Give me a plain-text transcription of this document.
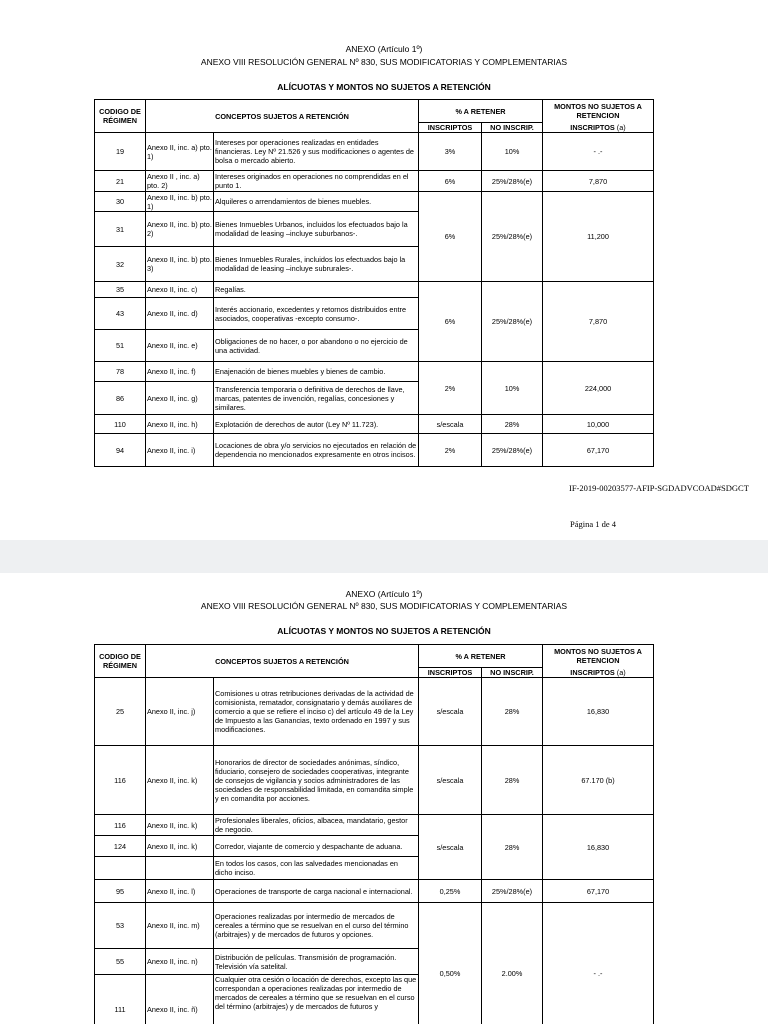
ANEXO (Artículo 1º)
ANEXO VIII RESOLUCIÓN GENERAL Nº 830, SUS MODIFICATORIAS Y COMPLEMENTARIAS
ALÍCUOTAS Y MONTOS NO SUJETOS A RETENCIÓN
CODIGO DE RÉGIMEN	CONCEPTOS SUJETOS A RETENCIÓN		% A RETENER		MONTOS NO SUJETOS A RETENCION
			INSCRIPTOS	NO INSCRIP.	INSCRIPTOS (a)
19	Anexo II, inc. a) pto. 1)	Intereses por operaciones realizadas en entidades financieras. Ley Nº 21.526 y sus modificaciones o agentes de bolsa o mercado abierto.	3%	10%	- .-
21	Anexo II , inc. a) pto. 2)	Intereses originados en operaciones no comprendidas en el punto 1.	6%	25%/28%(e)	7,870
30	Anexo II, inc. b) pto. 1)	Alquileres o arrendamientos de bienes muebles.	6%	25%/28%(e)	11,200
31	Anexo II, inc. b) pto. 2)	Bienes Inmuebles Urbanos, incluidos los efectuados bajo la modalidad de leasing –incluye suburbanos-.			
32	Anexo II, inc. b) pto. 3)	Bienes Inmuebles Rurales, incluidos los efectuados bajo la modalidad de leasing –incluye subrurales-.			
35	Anexo II, inc. c)	Regalías.	6%	25%/28%(e)	7,870
43	Anexo II, inc. d)	Interés accionario, excedentes y retornos distribuidos entre asociados, cooperativas -excepto consumo-.			
51	Anexo II, inc. e)	Obligaciones de no hacer, o por abandono o no ejercicio de una actividad.			
78	Anexo II, inc. f)	Enajenación de bienes muebles y bienes de cambio.	2%	10%	224,000
86	Anexo II, inc. g)	Transferencia temporaria o definitiva de derechos de llave, marcas, patentes de invención, regalías, concesiones y similares.			
110	Anexo II, inc. h)	Explotación de derechos de autor (Ley Nº 11.723).	s/escala	28%	10,000
94	Anexo II, inc. i)	Locaciones de obra y/o servicios no ejecutados en relación de dependencia no mencionados expresamente en otros incisos.	2%	25%/28%(e)	67,170
IF-2019-00203577-AFIP-SGDADVCOAD#SDGCT
Página 1 de 4
ANEXO (Artículo 1º)
ANEXO VIII RESOLUCIÓN GENERAL Nº 830, SUS MODIFICATORIAS Y COMPLEMENTARIAS
ALÍCUOTAS Y MONTOS NO SUJETOS A RETENCIÓN
CODIGO DE RÉGIMEN	CONCEPTOS SUJETOS A RETENCIÓN		% A RETENER		MONTOS NO SUJETOS A RETENCION
			INSCRIPTOS	NO INSCRIP.	INSCRIPTOS (a)
25	Anexo II, inc. j)	Comisiones u otras retribuciones derivadas de la actividad de comisionista, rematador, consignatario y demás auxiliares de comercio a que se refiere el inciso c) del artículo 49 de la Ley de Impuesto a las Ganancias, texto ordenado en 1997 y sus modificaciones.	s/escala	28%	16,830
116	Anexo II, inc. k)	Honorarios de director de sociedades anónimas, síndico, fiduciario, consejero de sociedades cooperativas, integrante de consejos de vigilancia y socios administradores de las sociedades de responsabilidad limitada, en comandita simple y en comandita por acciones.	s/escala	28%	67.170 (b)
116	Anexo II, inc. k)	Profesionales liberales, oficios, albacea, mandatario, gestor de negocio.	s/escala	28%	16,830
124	Anexo II, inc. k)	Corredor, viajante de comercio y despachante de aduana.			
		En todos los casos, con las salvedades mencionadas en dicho inciso.			
95	Anexo II, inc. l)	Operaciones de transporte de carga nacional e internacional.	0,25%	25%/28%(e)	67,170
53	Anexo II, inc. m)	Operaciones realizadas por intermedio de mercados de cereales a término que se resuelvan en el curso del término (arbitrajes) y de mercados de futuros y opciones.	0,50%	2.00%	- .-
55	Anexo II, inc. n)	Distribución de películas. Transmisión de programación. Televisión vía satelital.			
111	Anexo II, inc. ñ)	Cualquier otra cesión o locación de derechos, excepto las que correspondan a operaciones realizadas por intermedio de mercados de cereales a término que se resuelvan en el curso del término (arbitrajes) y de mercados de futuros y			
